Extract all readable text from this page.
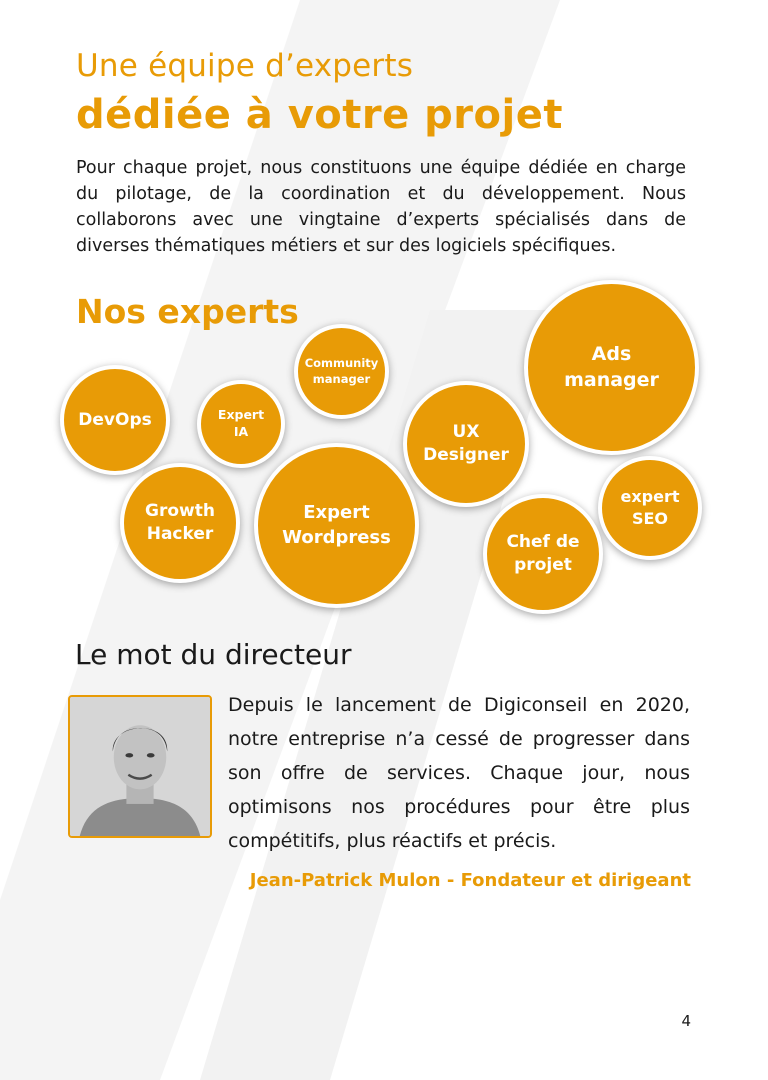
Une équipe d’experts
dédiée à votre projet

Pour chaque projet, nous constituons une équipe dédiée en charge du pilotage, de la coordination et du développement. Nous collaborons avec une vingtaine d’experts spécialisés dans de diverses thématiques métiers et sur des logiciels spécifiques.

Nos experts
DevOps	Expert
IA
Community
manager
Ads
manager
UX
Designer
Growth
Hacker
Expert
Wordpress
expert
SEO
Chef de
projet
Le mot du directeur

Depuis le lancement de Digiconseil en 2020, notre entreprise n’a cessé de progresser dans son offre de services. Chaque jour, nous optimisons nos procédures pour être plus compétitifs, plus réactifs et précis.

Jean-Patrick Mulon - Fondateur et dirigeant
4
